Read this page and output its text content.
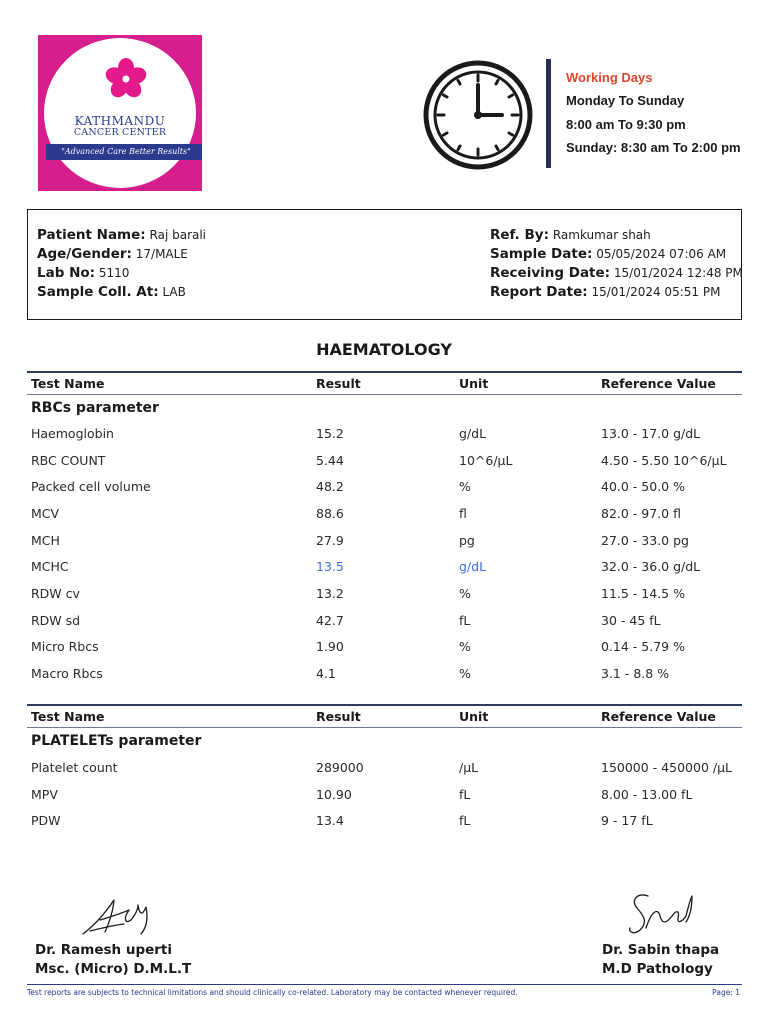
KATHMANDU
CANCER CENTER
"Advanced Care Better Results"
Working Days
Monday To Sunday
8:00 am To 9:30 pm
Sunday: 8:30 am To 2:00 pm
Patient Name: Raj barali
Age/Gender: 17/MALE
Lab No: 5110
Sample Coll. At: LAB
Ref. By: Ramkumar shah
Sample Date: 05/05/2024 07:06 AM
Receiving Date: 15/01/2024 12:48 PM
Report Date: 15/01/2024 05:51 PM
HAEMATOLOGY
Test Name	Result	Unit	Reference Value
RBCs parameter
Haemoglobin	15.2	g/dL	13.0 - 17.0 g/dL
RBC COUNT	5.44	10^6/µL	4.50 - 5.50 10^6/µL
Packed cell volume	48.2	%	40.0 - 50.0 %
MCV	88.6	fl	82.0 - 97.0 fl
MCH	27.9	pg	27.0 - 33.0 pg
MCHC	13.5	g/dL	32.0 - 36.0 g/dL
RDW cv	13.2	%	11.5 - 14.5 %
RDW sd	42.7	fL	30 - 45 fL
Micro Rbcs	1.90	%	0.14 - 5.79 %
Macro Rbcs	4.1	%	3.1 - 8.8 %
Test Name	Result	Unit	Reference Value
PLATELETs parameter
Platelet count	289000	/µL	150000 - 450000 /µL
MPV	10.90	fL	8.00 - 13.00 fL
PDW	13.4	fL	9 - 17 fL
Dr. Ramesh uperti
Msc. (Micro) D.M.L.T
Dr. Sabin thapa
M.D Pathology
Test reports are subjects to technical limitations and should clinically co-related. Laboratory may be contacted whenever required.	Page: 1
